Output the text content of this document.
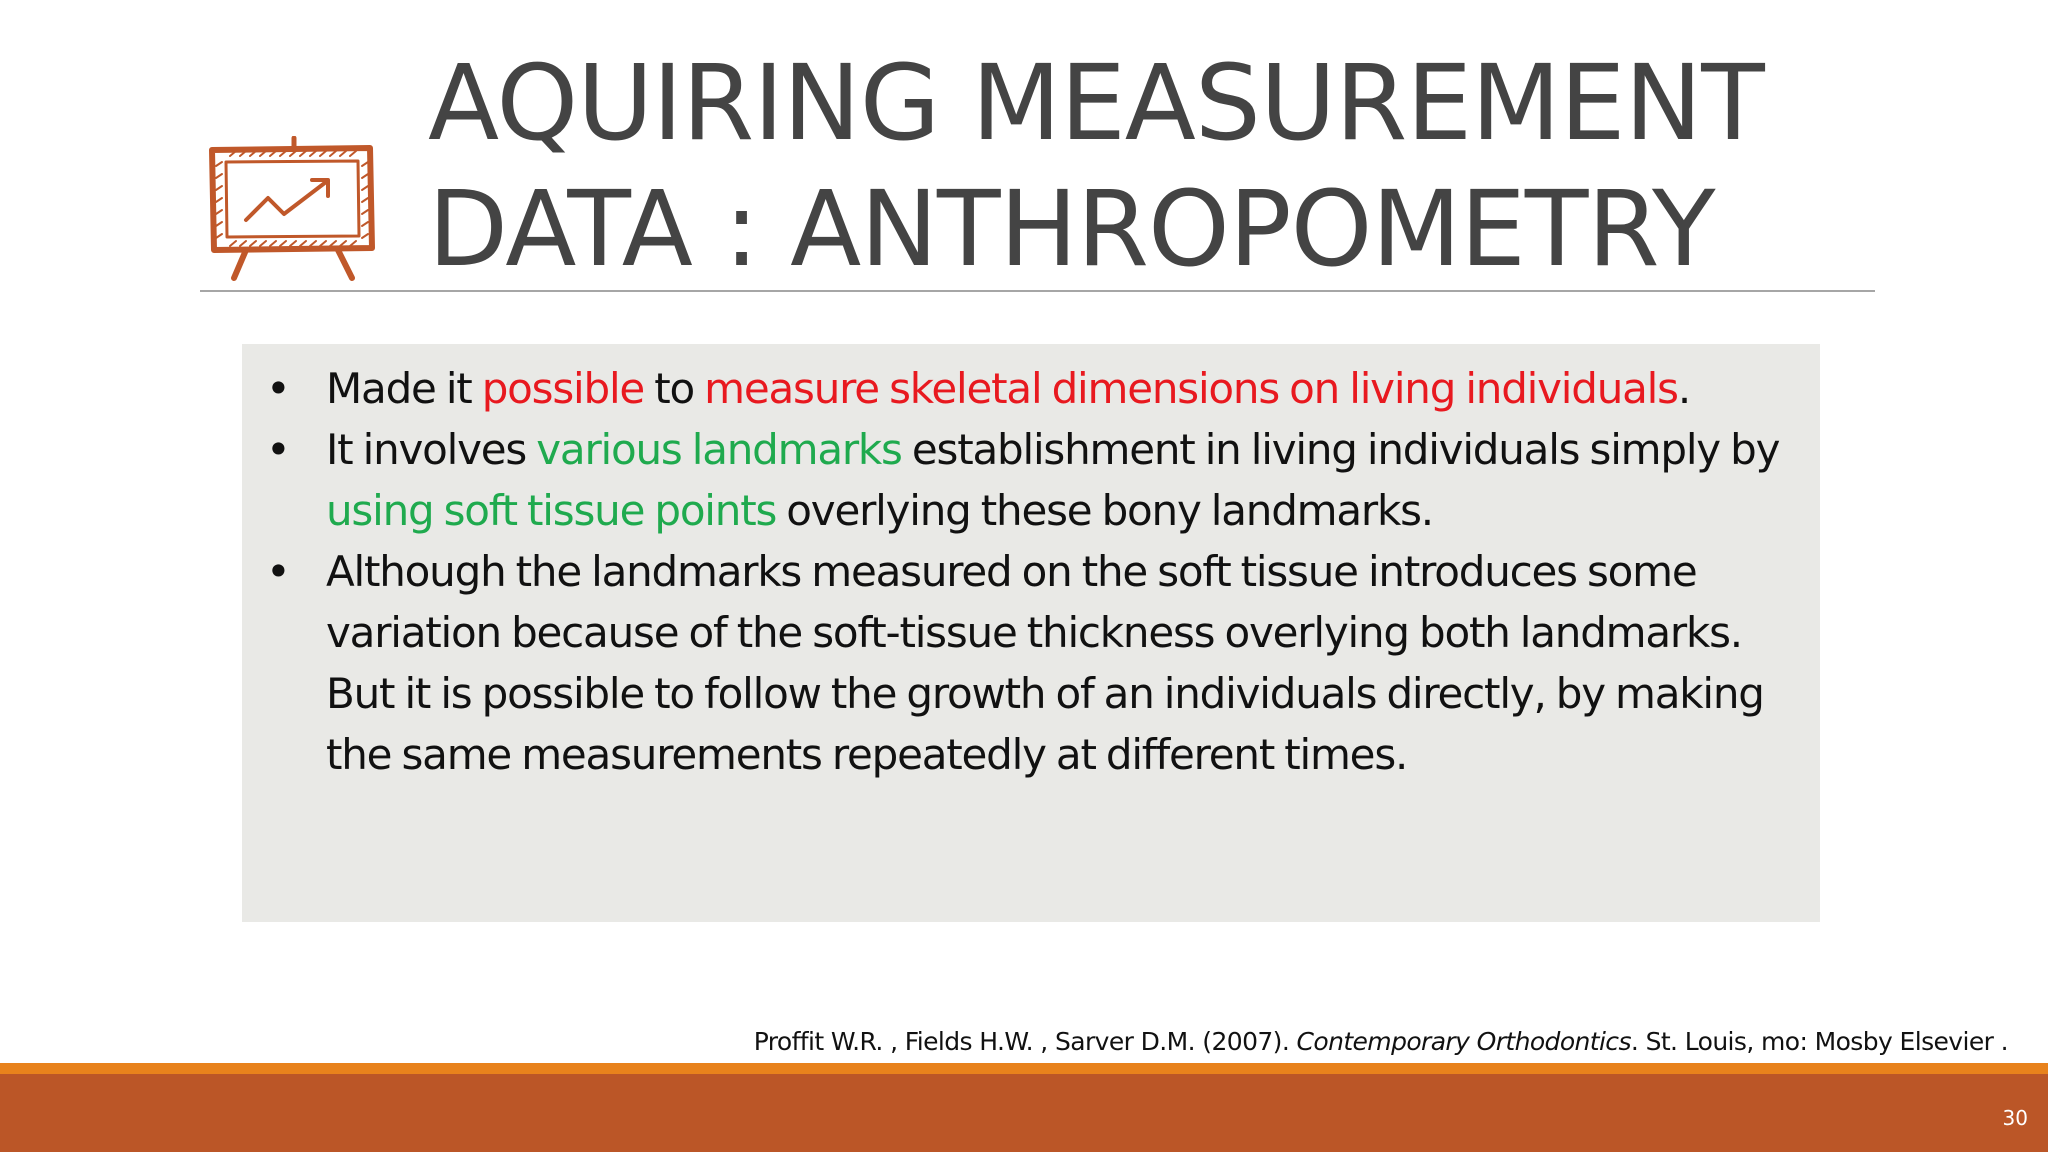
AQUIRING MEASUREMENT
DATA : ANTHROPOMETRY
• Made it possible to measure skeletal dimensions on living individuals.
• It involves various landmarks establishment in living individuals simply by using soft tissue points overlying these bony landmarks.
• Although the landmarks measured on the soft tissue introduces some variation because of the soft-tissue thickness overlying both landmarks. But it is possible to follow the growth of an individuals directly, by making the same measurements repeatedly at different times.
Proffit W.R. , Fields H.W. , Sarver D.M. (2007). Contemporary Orthodontics. St. Louis, mo: Mosby Elsevier .
30
